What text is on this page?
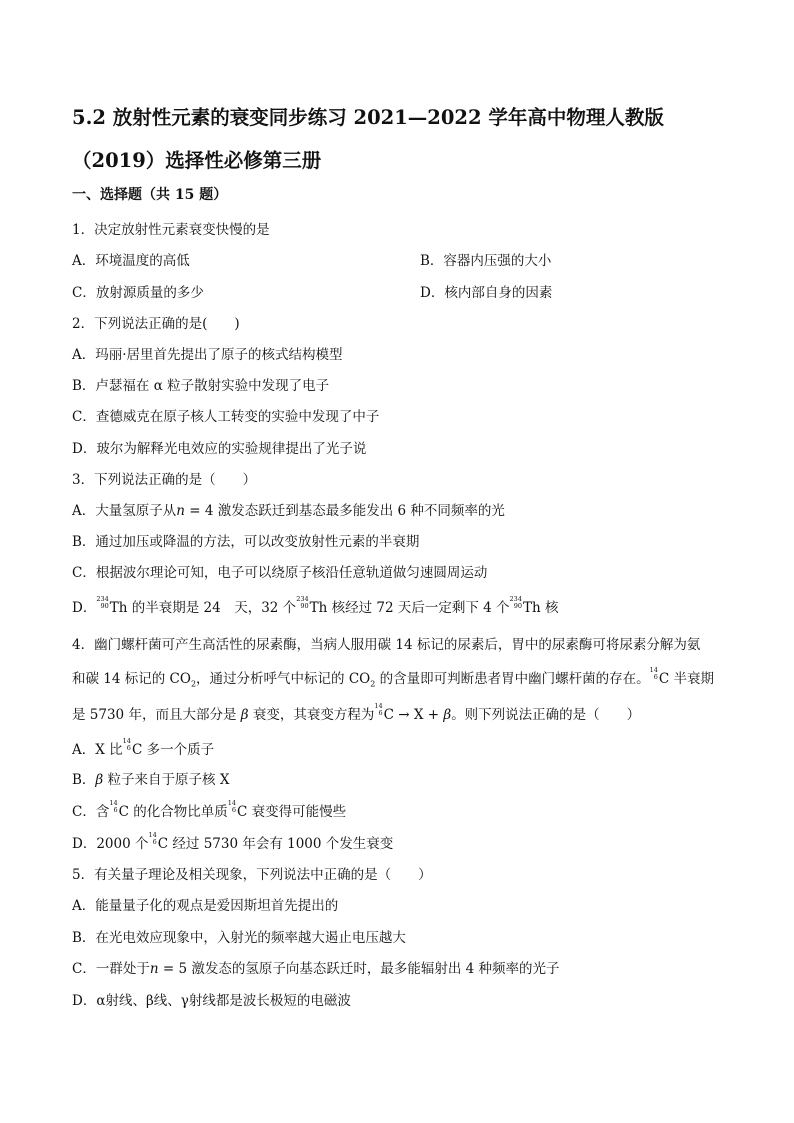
5.2 放射性元素的衰变同步练习 2021—2022 学年高中物理人教版
（2019）选择性必修第三册
一、选择题（共 15 题）
1．决定放射性元素衰变快慢的是
A．环境温度的高低	B．容器内压强的大小
C．放射源质量的多少	D．核内部自身的因素
2．下列说法正确的是(　　)
A．玛丽·居里首先提出了原子的核式结构模型
B．卢瑟福在 α 粒子散射实验中发现了电子
C．查德威克在原子核人工转变的实验中发现了中子
D．玻尔为解释光电效应的实验规律提出了光子说
3．下列说法正确的是（　　）
A．大量氢原子从n = 4 激发态跃迁到基态最多能发出 6 种不同频率的光
B．通过加压或降温的方法，可以改变放射性元素的半衰期
C．根据波尔理论可知，电子可以绕原子核沿任意轨道做匀速圆周运动
D．234
90Th 的半衰期是 24　天，32 个234
90Th 核经过 72 天后一定剩下 4 个234
90Th 核
4．幽门螺杆菌可产生高活性的尿素酶，当病人服用碳 14 标记的尿素后，胃中的尿素酶可将尿素分解为氨
和碳 14 标记的 $CO_2$，通过分析呼气中标记的 $CO_2$ 的含量即可判断患者胃中幽门螺杆菌的存在。14
6C 半衰期
是 5730 年，而且大部分是 β 衰变，其衰变方程为14
6C → X + β。则下列说法正确的是（　　）
A．X 比14
6C 多一个质子
B．β 粒子来自于原子核 X
C．含14
6C 的化合物比单质14
6C 衰变得可能慢些
D．2000 个14
6C 经过 5730 年会有 1000 个发生衰变
5．有关量子理论及相关现象，下列说法中正确的是（　　）
A．能量量子化的观点是爱因斯坦首先提出的
B．在光电效应现象中，入射光的频率越大遏止电压越大
C．一群处于n = 5 激发态的氢原子向基态跃迁时，最多能辐射出 4 种频率的光子
D．α射线、β线、γ射线都是波长极短的电磁波
